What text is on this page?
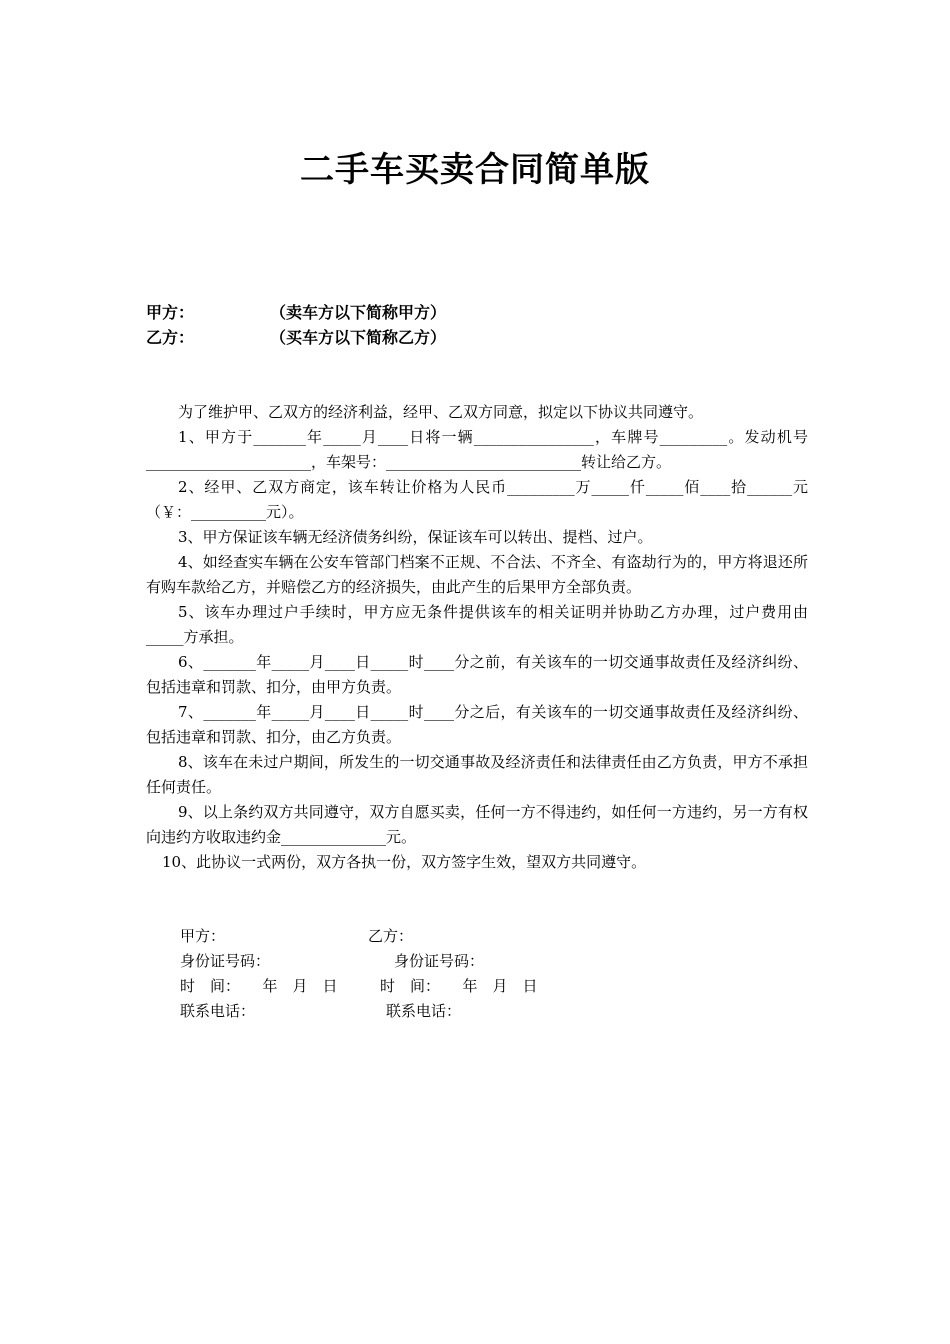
二手车买卖合同简单版
甲方：	（卖车方以下简称甲方）
乙方：	（买车方以下简称乙方）

为了维护甲、乙双方的经济利益，经甲、乙双方同意，拟定以下协议共同遵守。

1、甲方于_______年_____月____日将一辆________________，车牌号_________。发动机号______________________，车架号：__________________________转让给乙方。

2、经甲、乙双方商定，该车转让价格为人民币_________万_____仟_____佰____拾______元（￥：__________元）。

3、甲方保证该车辆无经济债务纠纷，保证该车可以转出、提档、过户。

4、如经查实车辆在公安车管部门档案不正规、不合法、不齐全、有盗劫行为的，甲方将退还所有购车款给乙方，并赔偿乙方的经济损失，由此产生的后果甲方全部负责。

5、该车办理过户手续时，甲方应无条件提供该车的相关证明并协助乙方办理，过户费用由_____方承担。

6、_______年_____月____日_____时____分之前，有关该车的一切交通事故责任及经济纠纷、包括违章和罚款、扣分，由甲方负责。

7、_______年_____月____日_____时____分之后，有关该车的一切交通事故责任及经济纠纷、包括违章和罚款、扣分，由乙方负责。

8、该车在未过户期间，所发生的一切交通事故及经济责任和法律责任由乙方负责，甲方不承担任何责任。

9、以上条约双方共同遵守，双方自愿买卖，任何一方不得违约，如任何一方违约，另一方有权向违约方收取违约金______________元。

10、此协议一式两份，双方各执一份，双方签字生效，望双方共同遵守。

甲方：	乙方：
身份证号码：	身份证号码：
时　间：　　年　月　日	时　间：　　年　月　日
联系电话：	联系电话：
